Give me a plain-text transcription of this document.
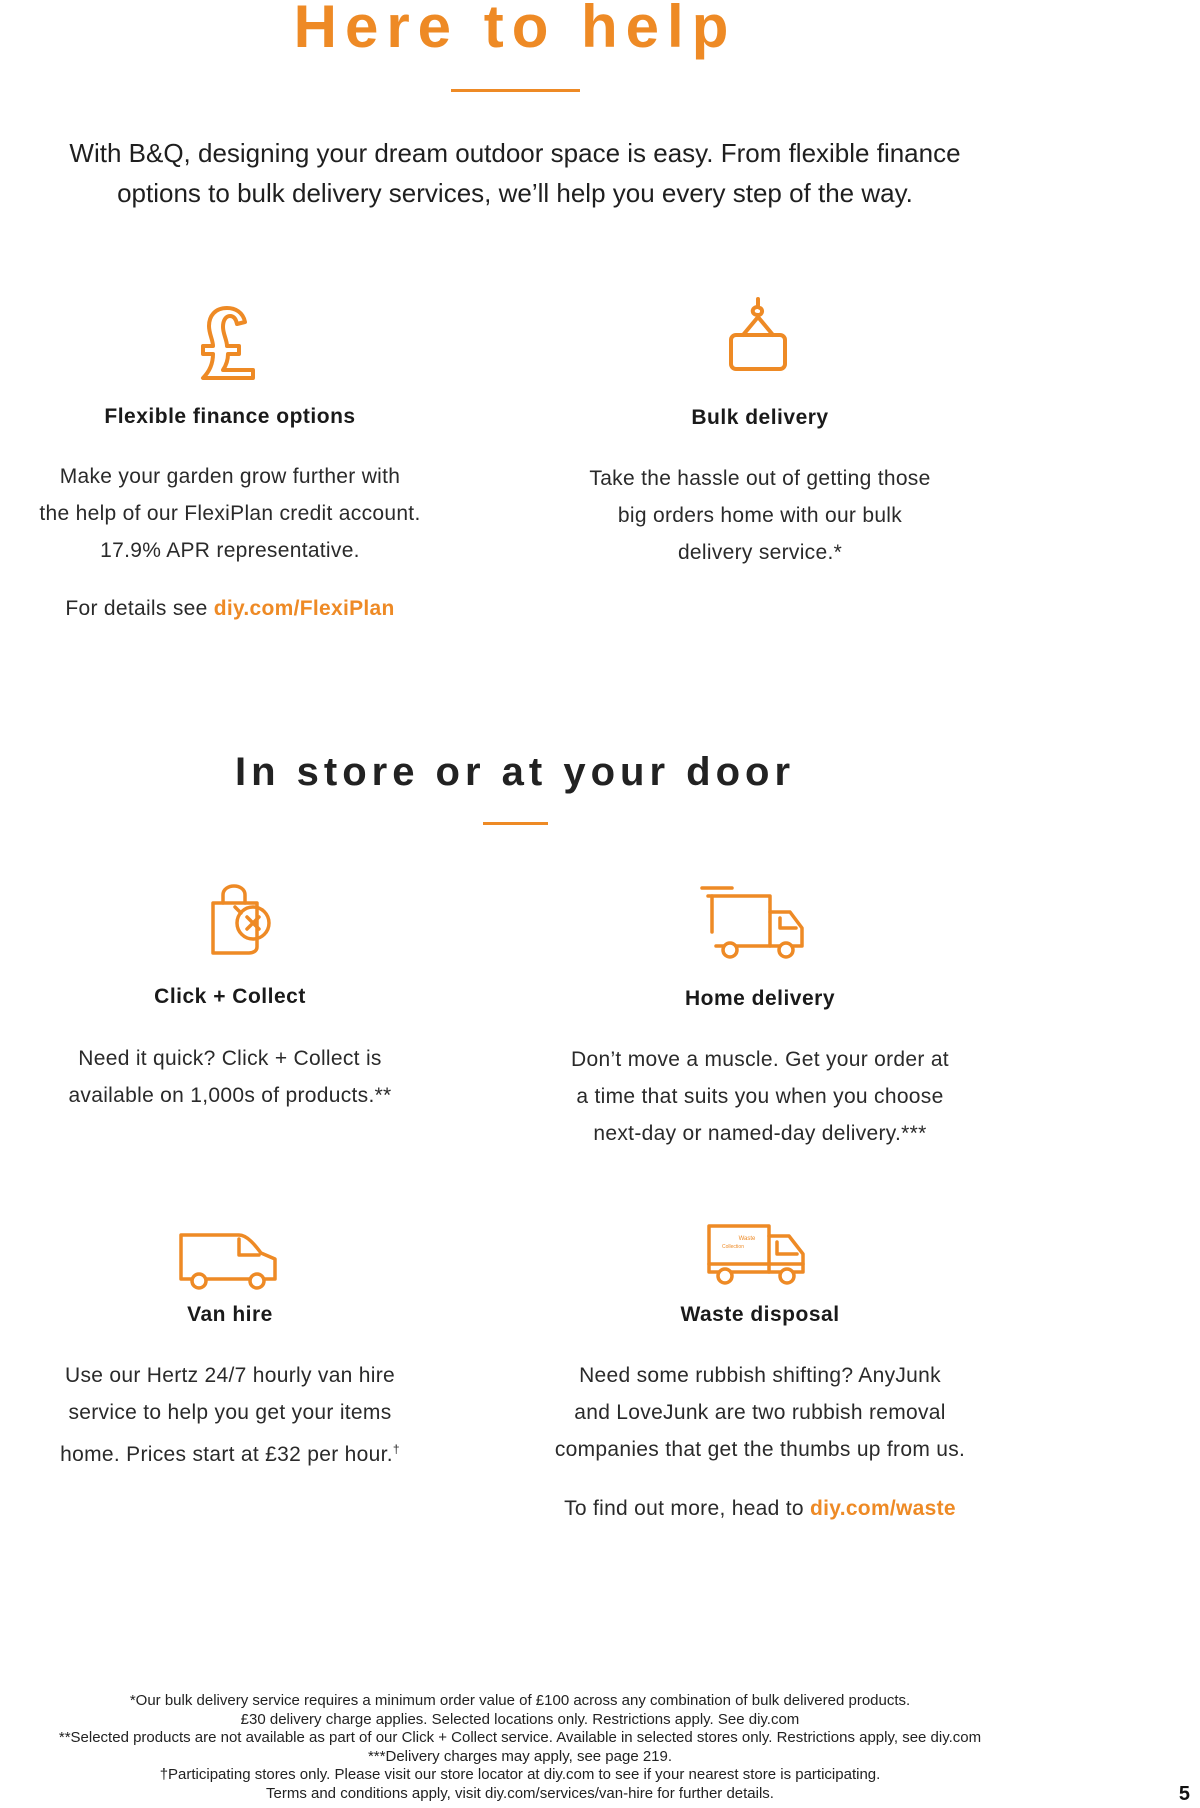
Here to help
With B&Q, designing your dream outdoor space is easy. From flexible finance
options to bulk delivery services, we’ll help you every step of the way.
Flexible finance options
Make your garden grow further with
the help of our FlexiPlan credit account.
17.9% APR representative.
For details see diy.com/FlexiPlan
Bulk delivery
Take the hassle out of getting those
big orders home with our bulk
delivery service.*
In store or at your door
Click + Collect
Need it quick? Click + Collect is
available on 1,000s of products.**
Home delivery
Don’t move a muscle. Get your order at
a time that suits you when you choose
next-day or named-day delivery.***
Van hire
Use our Hertz 24/7 hourly van hire
service to help you get your items
home. Prices start at £32 per hour.†
Waste
Collection
Waste disposal
Need some rubbish shifting? AnyJunk
and LoveJunk are two rubbish removal
companies that get the thumbs up from us.
To find out more, head to diy.com/waste
*Our bulk delivery service requires a minimum order value of £100 across any combination of bulk delivered products.
£30 delivery charge applies. Selected locations only. Restrictions apply. See diy.com
**Selected products are not available as part of our Click + Collect service. Available in selected stores only. Restrictions apply, see diy.com
***Delivery charges may apply, see page 219.
†Participating stores only. Please visit our store locator at diy.com to see if your nearest store is participating.
Terms and conditions apply, visit diy.com/services/van-hire for further details.	5
